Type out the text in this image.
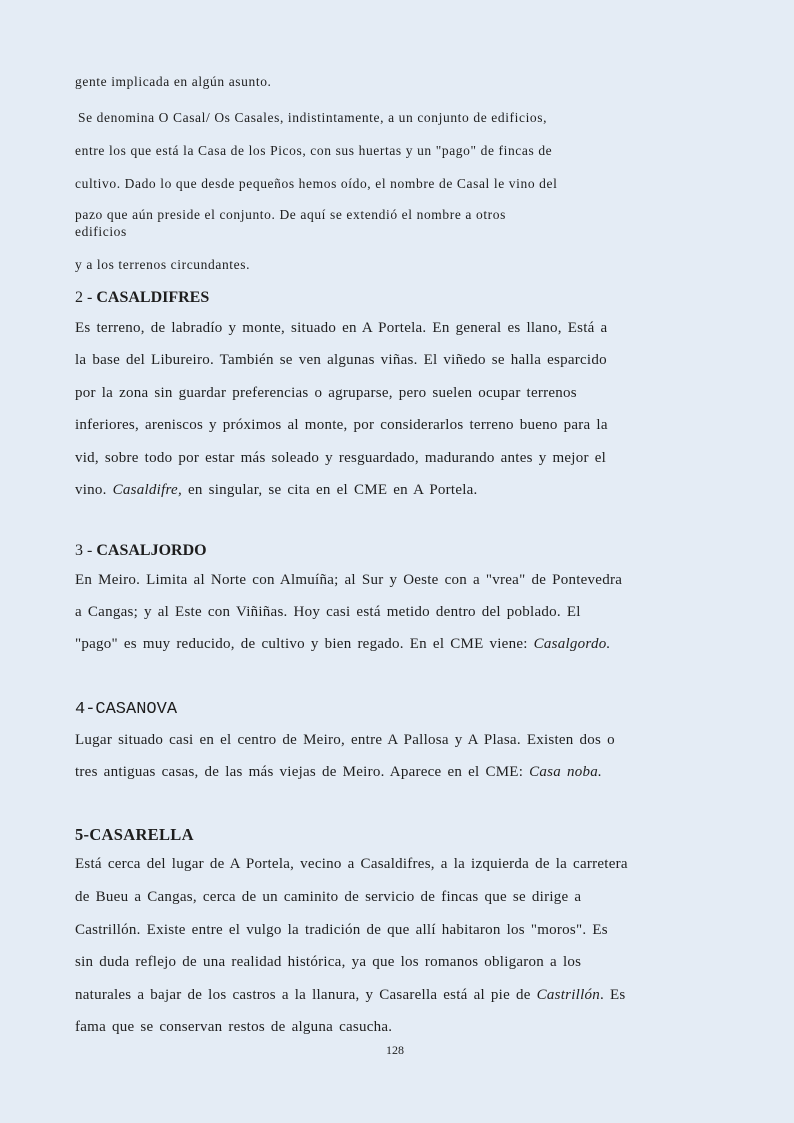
gente implicada en algún asunto.
Se denomina O Casal/ Os Casales, indistintamente, a un conjunto de edificios,
entre los que está la Casa de los Picos, con sus huertas y un "pago" de fincas de
cultivo. Dado lo que desde pequeños hemos oído, el nombre de Casal le vino del
pazo que aún preside el conjunto. De aquí se extendió el nombre a otros
edificios
y a los terrenos circundantes.
2 - CASALDIFRES
Es terreno, de labradío y monte, situado en A Portela. En general es llano, Está a
la base del Libureiro. También se ven algunas viñas. El viñedo se halla esparcido
por la zona sin guardar preferencias o agruparse, pero suelen ocupar terrenos
inferiores, areniscos y próximos al monte, por considerarlos terreno bueno para la
vid, sobre todo por estar más soleado y resguardado, madurando antes y mejor el
vino. Casaldifre, en singular, se cita en el CME en A Portela.
3 - CASALJORDO
En Meiro. Limita al Norte con Almuíña; al Sur y Oeste con a "vrea" de Pontevedra
a Cangas; y al Este con Viñiñas. Hoy casi está metido dentro del poblado. El
"pago" es muy reducido, de cultivo y bien regado. En el CME viene: Casalgordo.
4-CASANOVA
Lugar situado casi en el centro de Meiro, entre A Pallosa y A Plasa. Existen dos o
tres antiguas casas, de las más viejas de Meiro. Aparece en el CME: Casa noba.
5-CASARELLA
Está cerca del lugar de A Portela, vecino a Casaldifres, a la izquierda de la carretera
de Bueu a Cangas, cerca de un caminito de servicio de fincas que se dirige a
Castrillón. Existe entre el vulgo la tradición de que allí habitaron los "moros". Es
sin duda reflejo de una realidad histórica, ya que los romanos obligaron a los
naturales a bajar de los castros a la llanura, y Casarella está al pie de Castrillón. Es
fama que se conservan restos de alguna casucha.
128
